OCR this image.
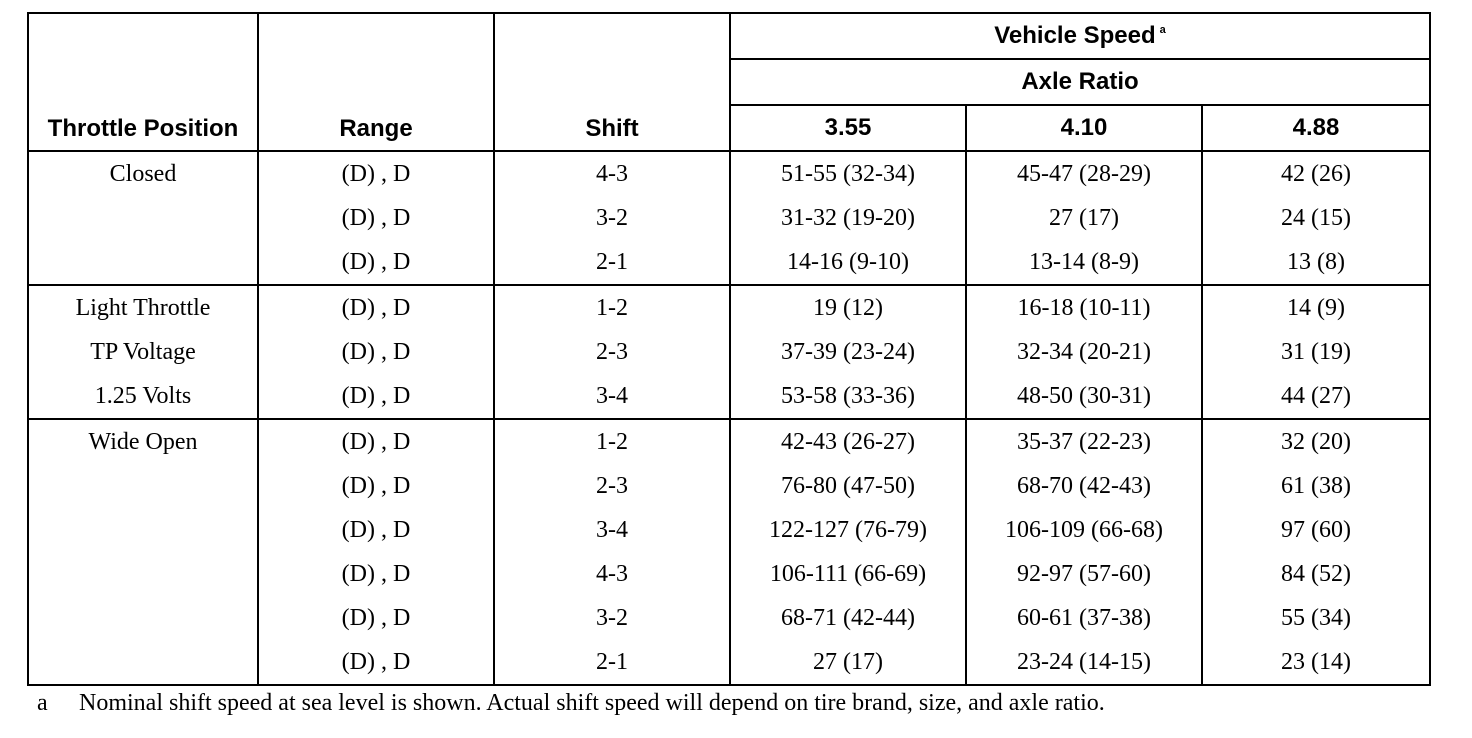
Throttle Position	Range	Shift	Vehicle Speed $^a$
			Axle Ratio		
			3.55	4.10	4.88
Closed	(D) , D	4-3	51-55 (32-34)	45-47 (28-29)	42 (26)
	(D) , D	3-2	31-32 (19-20)	27 (17)	24 (15)
	(D) , D	2-1	14-16 (9-10)	13-14 (8-9)	13 (8)
Light Throttle	(D) , D	1-2	19 (12)	16-18 (10-11)	14 (9)
TP Voltage	(D) , D	2-3	37-39 (23-24)	32-34 (20-21)	31 (19)
1.25 Volts	(D) , D	3-4	53-58 (33-36)	48-50 (30-31)	44 (27)
Wide Open	(D) , D	1-2	42-43 (26-27)	35-37 (22-23)	32 (20)
	(D) , D	2-3	76-80 (47-50)	68-70 (42-43)	61 (38)
	(D) , D	3-4	122-127 (76-79)	106-109 (66-68)	97 (60)
	(D) , D	4-3	106-111 (66-69)	92-97 (57-60)	84 (52)
	(D) , D	3-2	68-71 (42-44)	60-61 (37-38)	55 (34)
	(D) , D	2-1	27 (17)	23-24 (14-15)	23 (14)
a Nominal shift speed at sea level is shown. Actual shift speed will depend on tire brand, size, and axle ratio.
